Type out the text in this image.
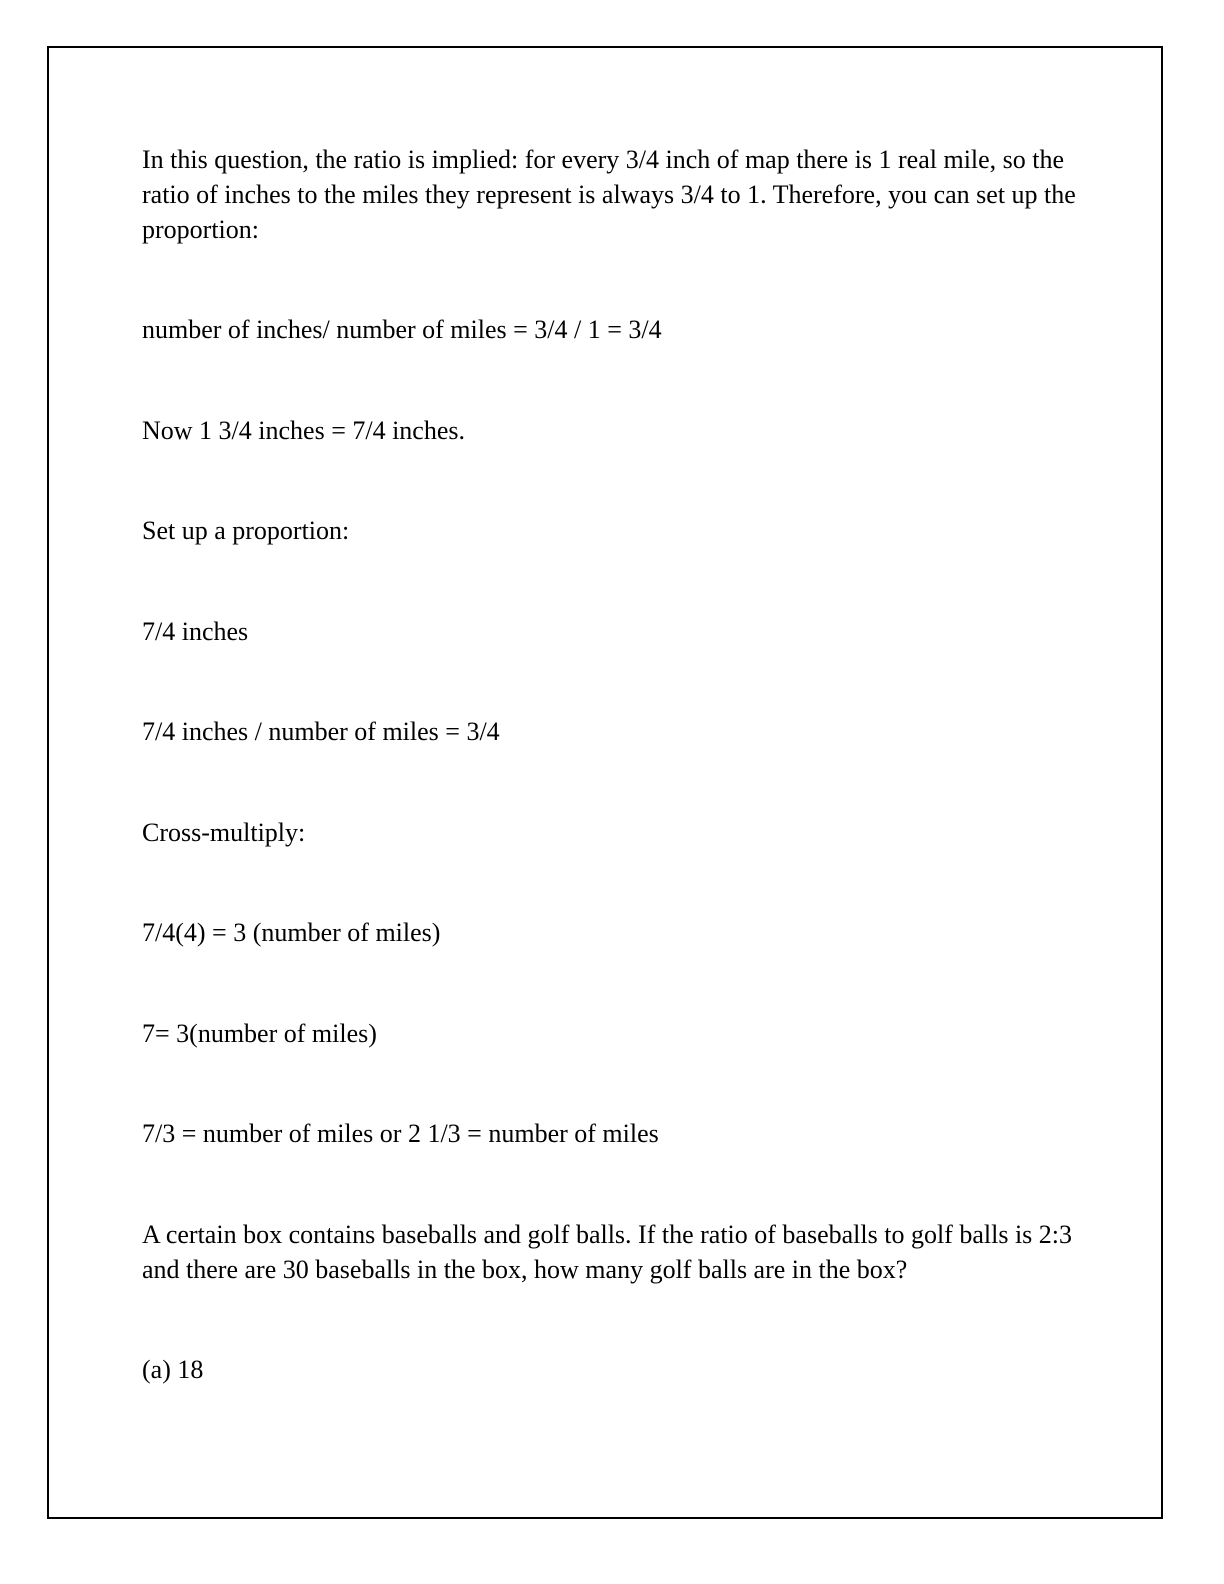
In this question, the ratio is implied: for every 3/4 inch of map there is 1 real mile, so the ratio of inches to the miles they represent is always 3/4 to 1. Therefore, you can set up the proportion:

number of inches/ number of miles = 3/4 / 1 = 3/4

Now 1 3/4 inches = 7/4 inches.

Set up a proportion:

7/4 inches

7/4 inches / number of miles = 3/4

Cross-multiply:

7/4(4) = 3 (number of miles)

7= 3(number of miles)

7/3 = number of miles or 2 1/3 = number of miles

A certain box contains baseballs and golf balls. If the ratio of baseballs to golf balls is 2:3 and there are 30 baseballs in the box, how many golf balls are in the box?

(a) 18
